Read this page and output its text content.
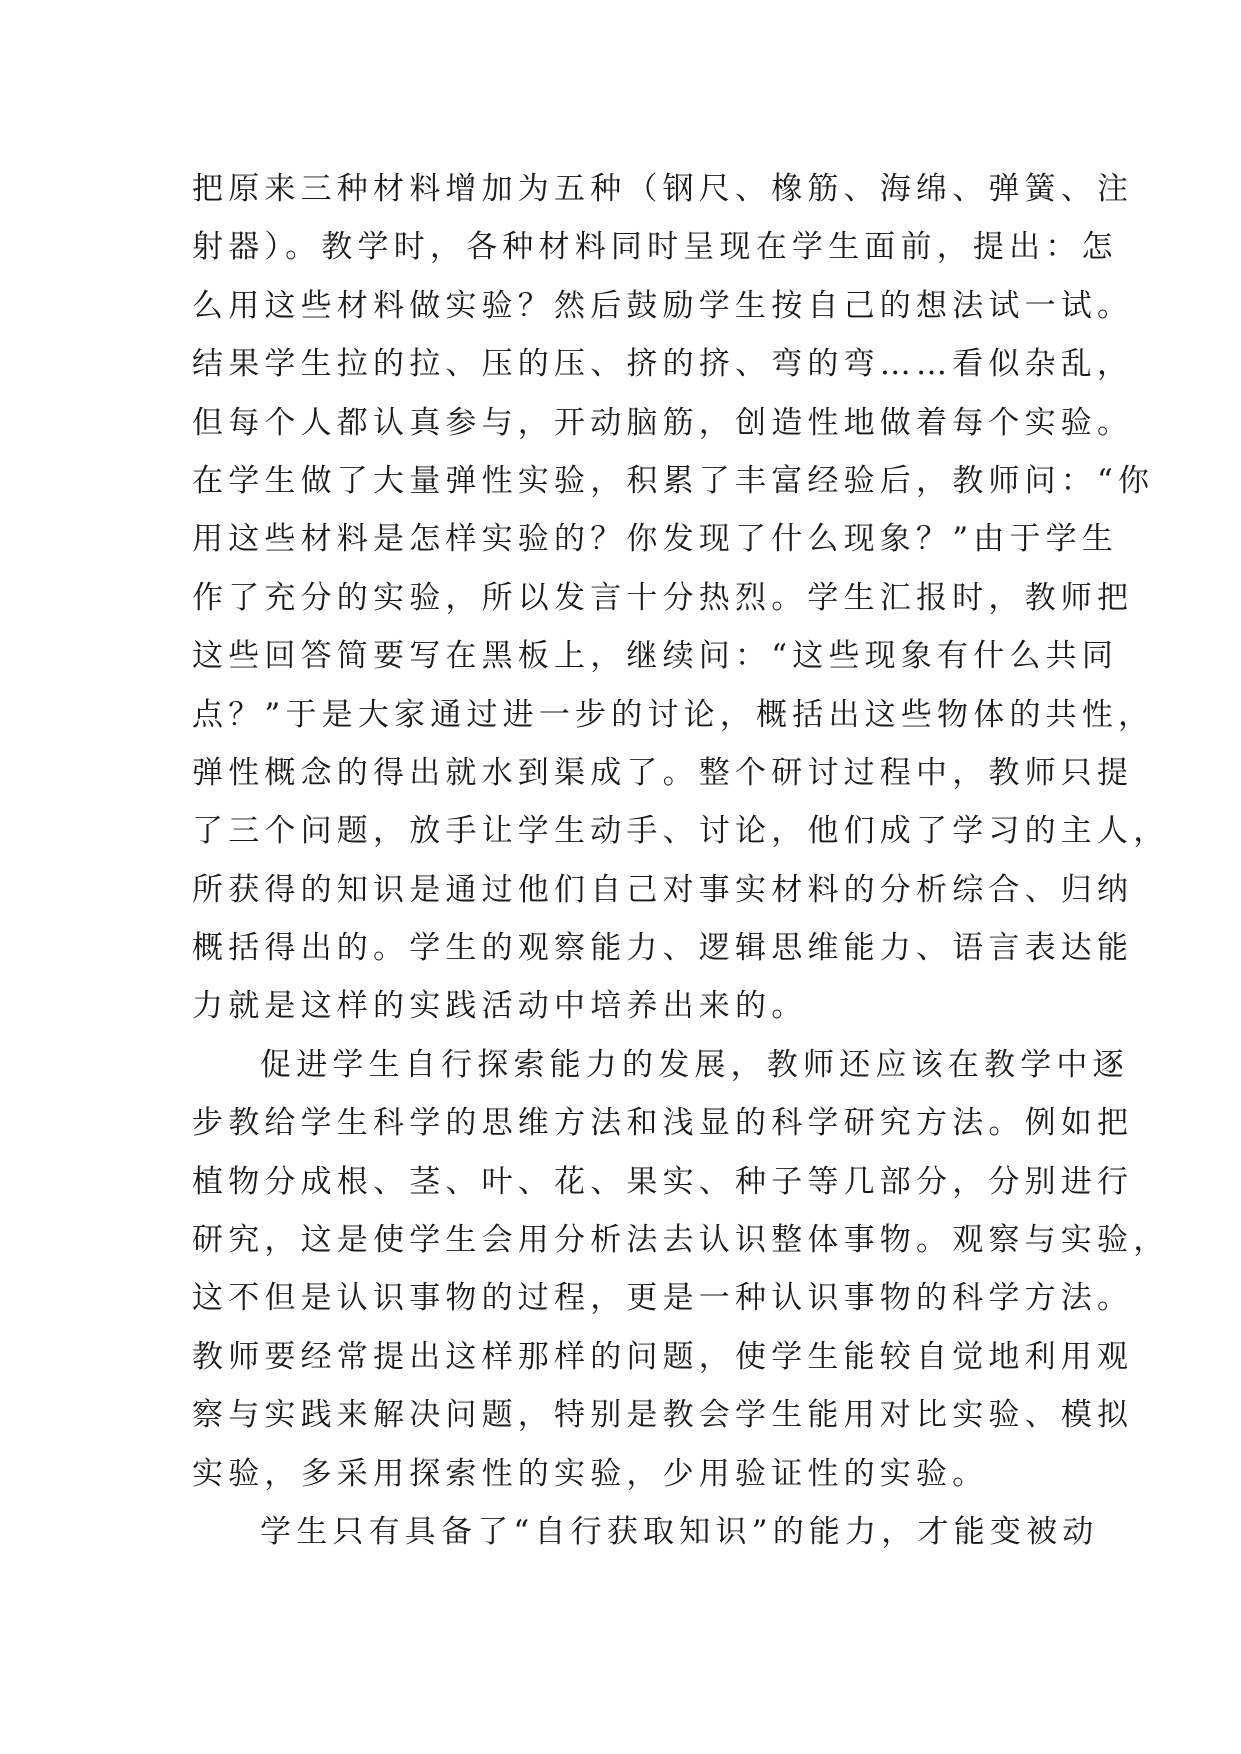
把原来三种材料增加为五种（钢尺、橡筋、海绵、弹簧、注
射器）。教学时，各种材料同时呈现在学生面前，提出：怎
么用这些材料做实验？然后鼓励学生按自己的想法试一试。
结果学生拉的拉、压的压、挤的挤、弯的弯……看似杂乱，
但每个人都认真参与，开动脑筋，创造性地做着每个实验。
在学生做了大量弹性实验，积累了丰富经验后，教师问：“你
用这些材料是怎样实验的？你发现了什么现象？”由于学生
作了充分的实验，所以发言十分热烈。学生汇报时，教师把
这些回答简要写在黑板上，继续问：“这些现象有什么共同
点？”于是大家通过进一步的讨论，概括出这些物体的共性，
弹性概念的得出就水到渠成了。整个研讨过程中，教师只提
了三个问题，放手让学生动手、讨论，他们成了学习的主人，
所获得的知识是通过他们自己对事实材料的分析综合、归纳
概括得出的。学生的观察能力、逻辑思维能力、语言表达能
力就是这样的实践活动中培养出来的。
促进学生自行探索能力的发展，教师还应该在教学中逐
步教给学生科学的思维方法和浅显的科学研究方法。例如把
植物分成根、茎、叶、花、果实、种子等几部分，分别进行
研究，这是使学生会用分析法去认识整体事物。观察与实验，
这不但是认识事物的过程，更是一种认识事物的科学方法。
教师要经常提出这样那样的问题，使学生能较自觉地利用观
察与实践来解决问题，特别是教会学生能用对比实验、模拟
实验，多采用探索性的实验，少用验证性的实验。
学生只有具备了“自行获取知识”的能力，才能变被动
